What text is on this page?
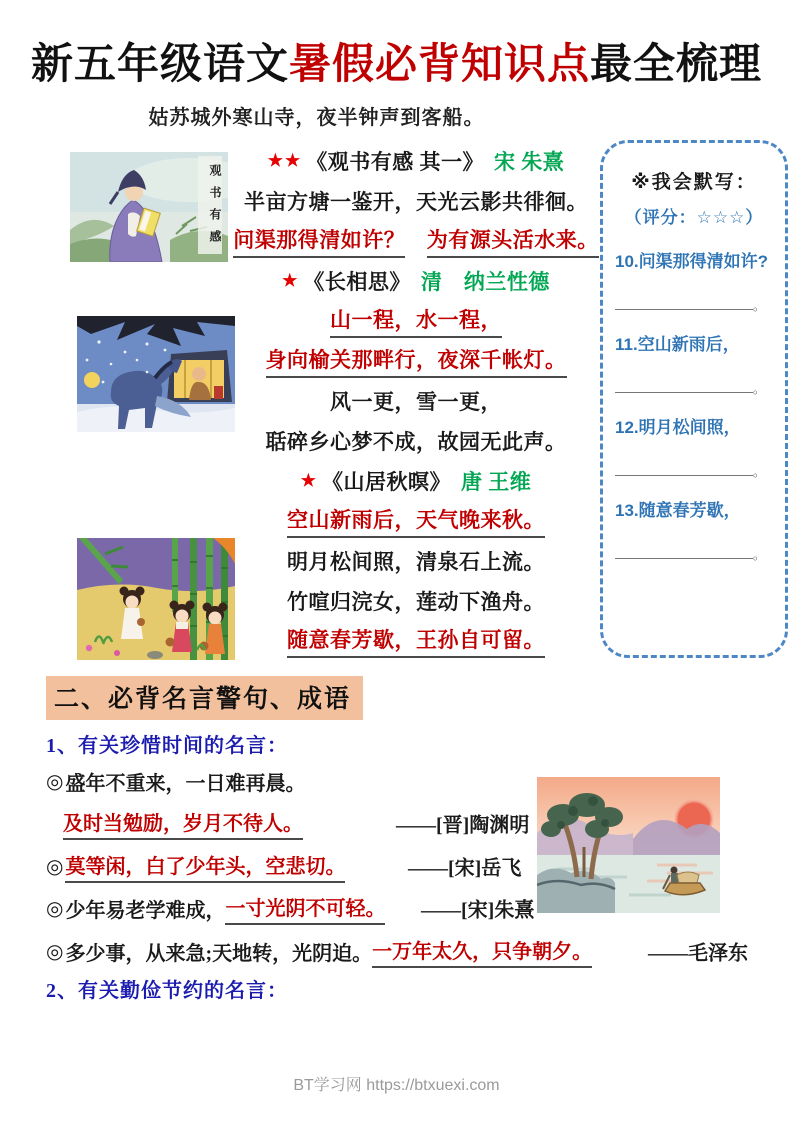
新五年级语文暑假必背知识点最全梳理
姑苏城外寒山寺，夜半钟声到客船。
观书有感
★★ 《观书有感 其一》 宋 朱熹
半亩方塘一鉴开，天光云影共徘徊。
问渠那得清如许？
　 为有源头活水来。
★ 《长相思》 清　纳兰性德
山一程，水一程，
身向榆关那畔行，夜深千帐灯。
风一更，雪一更，
聒碎乡心梦不成，故园无此声。
★ 《山居秋暝》 唐 王维
空山新雨后，天气晚来秋。
明月松间照，清泉石上流。
竹喧归浣女，莲动下渔舟。
随意春芳歇，王孙自可留。
※我会默写：
（评分：☆☆☆）
10.问渠那得清如许?
。
11.空山新雨后，
。
12.明月松间照，
。
13.随意春芳歇，
。
二、必背名言警句、成语
1、有关珍惜时间的名言：
◎ 盛年不重来，一日难再晨。
及时当勉励，岁月不待人。	——[晋]陶渊明
◎ 莫等闲，白了少年头，空悲切。	——[宋]岳飞
◎ 少年易老学难成， 一寸光阴不可轻。 ——[宋]朱熹
◎ 多少事，从来急;天地转，光阴迫。 一万年太久，只争朝夕。	——毛泽东
2、有关勤俭节约的名言：
BT学习网 https://btxuexi.com
